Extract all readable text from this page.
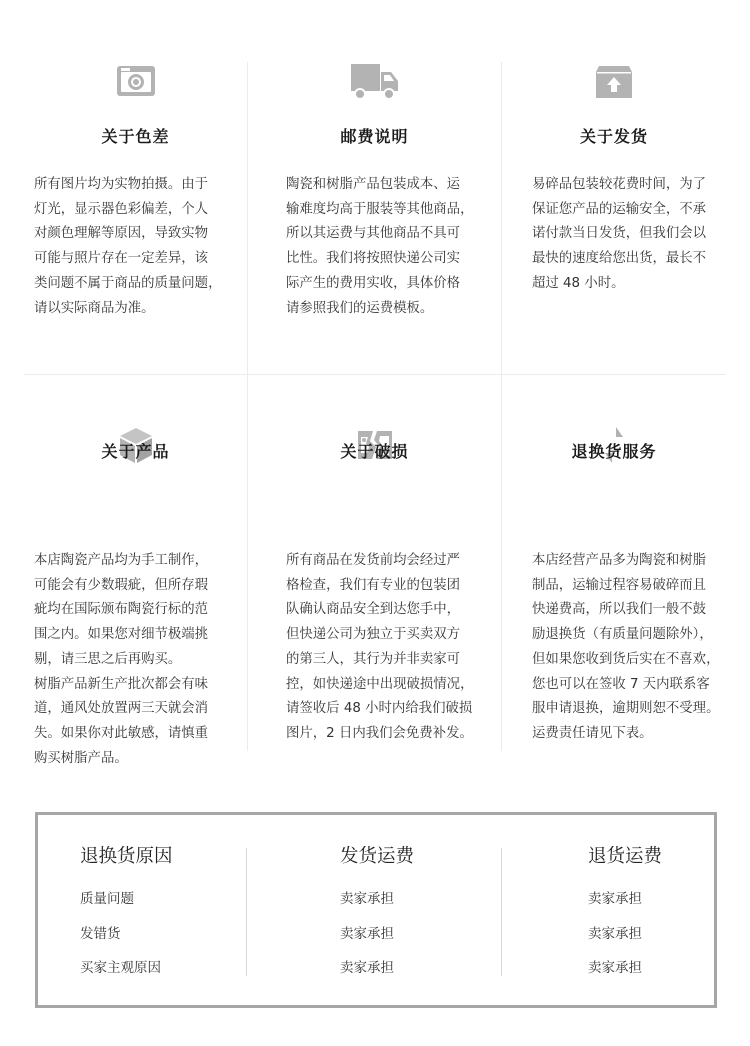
关于色差
所有图片均为实物拍摄。由于
灯光，显示器色彩偏差，个人
对颜色理解等原因，导致实物
可能与照片存在一定差异，该
类问题不属于商品的质量问题，
请以实际商品为准。
邮费说明
陶瓷和树脂产品包装成本、运
输难度均高于服装等其他商品，
所以其运费与其他商品不具可
比性。我们将按照快递公司实
际产生的费用实收，具体价格
请参照我们的运费模板。
关于发货
易碎品包装较花费时间，为了
保证您产品的运输安全，不承
诺付款当日发货，但我们会以
最快的速度给您出货，最长不
超过 48 小时。
关于产品
本店陶瓷产品均为手工制作，
可能会有少数瑕疵，但所存瑕
疵均在国际颁布陶瓷行标的范
围之内。如果您对细节极端挑
剔，请三思之后再购买。
树脂产品新生产批次都会有味
道，通风处放置两三天就会消
失。如果你对此敏感，请慎重
购买树脂产品。
关于破损
所有商品在发货前均会经过严
格检查，我们有专业的包装团
队确认商品安全到达您手中，
但快递公司为独立于买卖双方
的第三人，其行为并非卖家可
控，如快递途中出现破损情况，
请签收后 48 小时内给我们破损
图片，2 日内我们会免费补发。
退换货服务
本店经营产品多为陶瓷和树脂
制品，运输过程容易破碎而且
快递费高，所以我们一般不鼓
励退换货（有质量问题除外），
但如果您收到货后实在不喜欢，
您也可以在签收 7 天内联系客
服申请退换，逾期则恕不受理。
运费责任请见下表。
退换货原因
质量问题
发错货
买家主观原因
发货运费
卖家承担
卖家承担
卖家承担
退货运费
卖家承担
卖家承担
卖家承担
